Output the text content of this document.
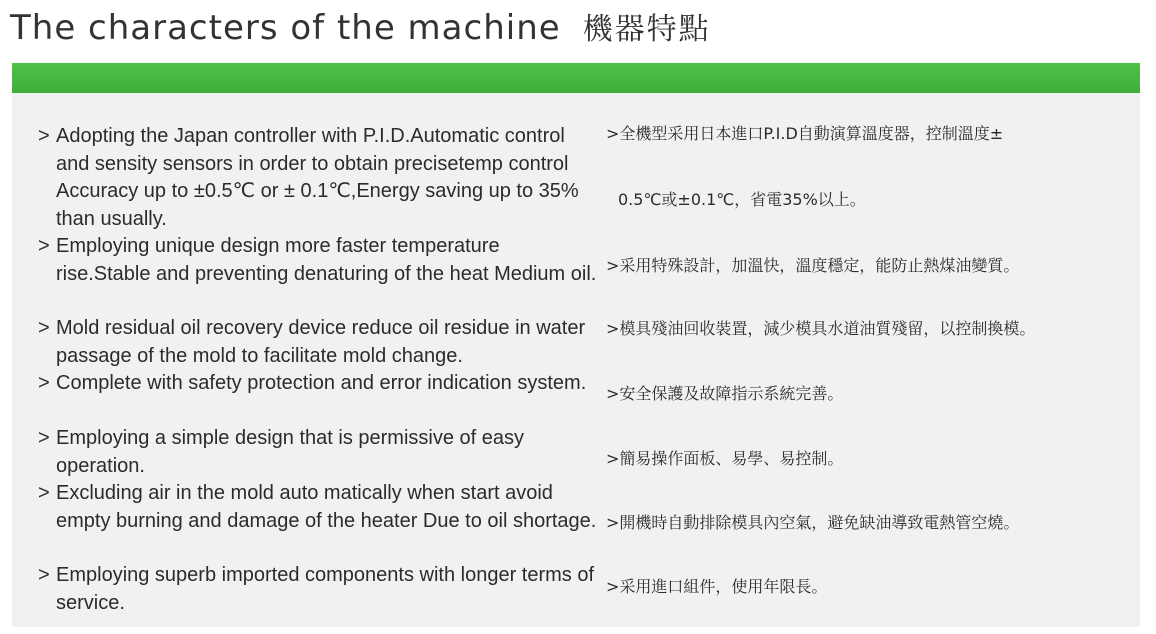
The characters of the machine 機器特點
> Adopting the Japan controller with P.I.D.Automatic control and sensity sensors in order to obtain precisetemp control Accuracy up to ±0.5℃ or ± 0.1℃,Energy saving up to 35% than usually.
> Employing unique design more faster temperature rise.Stable and preventing denaturing of the heat Medium oil.
> Mold residual oil recovery device reduce oil residue in water passage of the mold to facilitate mold change.
> Complete with safety protection and error indication system.
> Employing a simple design that is permissive of easy operation.
> Excluding air in the mold auto matically when start avoid empty burning and damage of the heater Due to oil shortage.
> Employing superb imported components with longer terms of service.
>全機型采用日本進口P.I.D自動演算溫度器，控制溫度±
0.5℃或±0.1℃，省電35%以上。
>采用特殊設計，加溫快，溫度穩定，能防止熱煤油變質。
>模具殘油回收裝置，減少模具水道油質殘留，以控制換模。
>安全保護及故障指示系統完善。
>簡易操作面板、易學、易控制。
>開機時自動排除模具內空氣，避免缺油導致電熱管空燒。
>采用進口組件，使用年限長。
